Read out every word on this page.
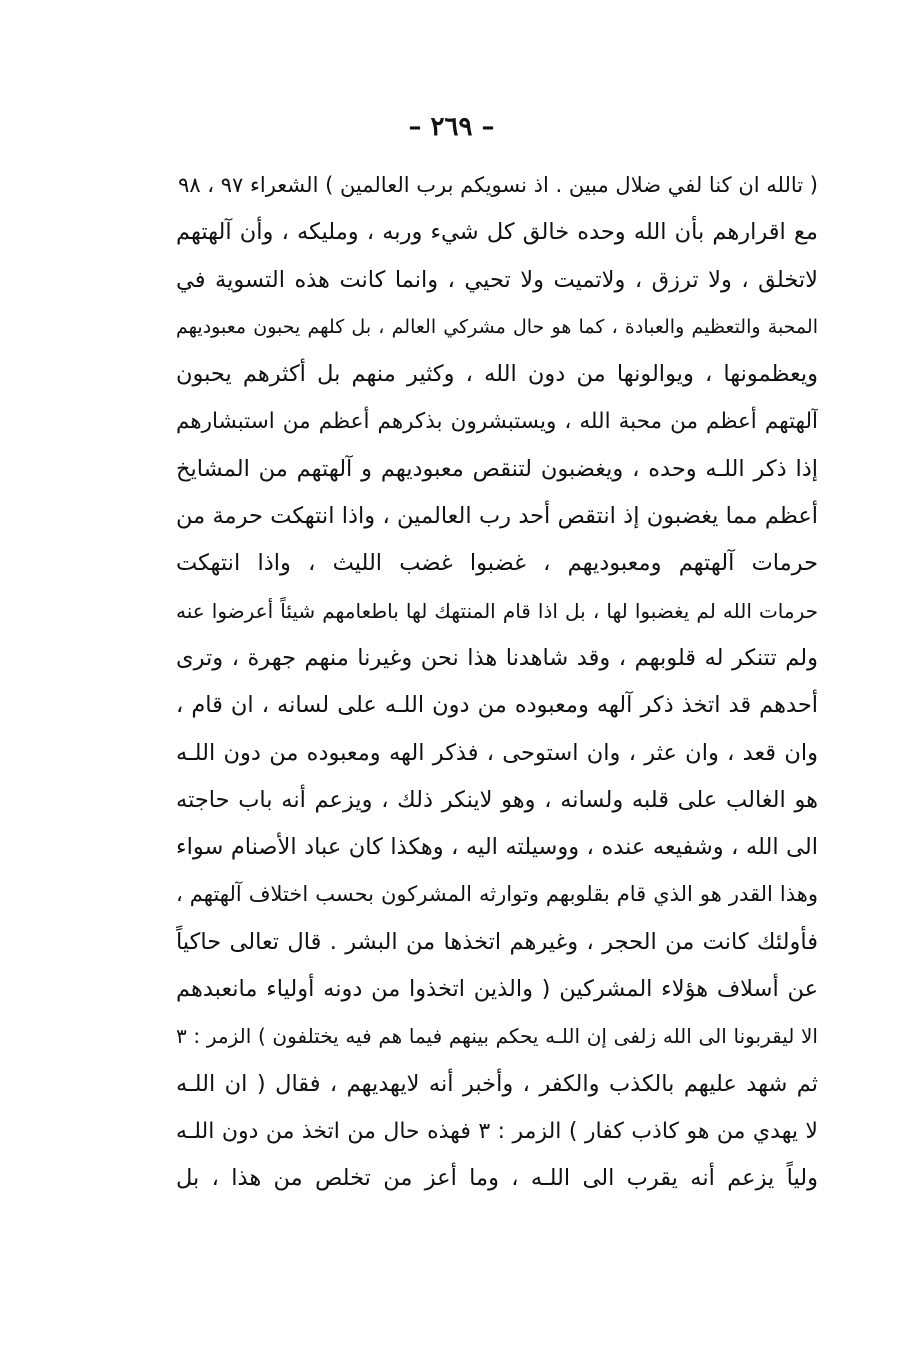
– ٢٦٩ –
( تالله ان كنا لفي ضلال مبين . اذ نسويكم برب العالمين ) الشعراء ٩٧ ، ٩٨
مع اقرارهم بأن الله وحده خالق كل شيء وربه ، ومليكه ، وأن آلهتهم
لاتخلق ، ولا ترزق ، ولاتميت ولا تحيي ، وانما كانت هذه التسوية في
المحبة والتعظيم والعبادة ، كما هو حال مشركي العالم ، بل كلهم يحبون معبوديهم
ويعظمونها ، ويوالونها من دون الله ، وكثير منهم بل أكثرهم يحبون
آلهتهم أعظم من محبة الله ، ويستبشرون بذكرهم أعظم من استبشارهم
إذا ذكر اللـه وحده ، ويغضبون لتنقص معبوديهم و آلهتهم من المشايخ
أعظم مما يغضبون إذ انتقص أحد رب العالمين ، واذا انتهكت حرمة من
حرمات آلهتهم ومعبوديهم ، غضبوا غضب الليث ، واذا انتهكت
حرمات الله لم يغضبوا لها ، بل اذا قام المنتهك لها باطعامهم شيئاً أعرضوا عنه
ولم تتنكر له قلوبهم ، وقد شاهدنا هذا نحن وغيرنا منهم جهرة ، وترى
أحدهم قد اتخذ ذكر آلهه ومعبوده من دون اللـه على لسانه ، ان قام ،
وان قعد ، وان عثر ، وان استوحى ، فذكر الهه ومعبوده من دون اللـه
هو الغالب على قلبه ولسانه ، وهو لاينكر ذلك ، ويزعم أنه باب حاجته
الى الله ، وشفيعه عنده ، ووسيلته اليه ، وهكذا كان عباد الأصنام سواء
وهذا القدر هو الذي قام بقلوبهم وتوارثه المشركون بحسب اختلاف آلهتهم ،
فأولئك كانت من الحجر ، وغيرهم اتخذها من البشر . قال تعالى حاكياً
عن أسلاف هؤلاء المشركين ( والذين اتخذوا من دونه أولياء مانعبدهم
الا ليقربونا الى الله زلفى إن اللـه يحكم بينهم فيما هم فيه يختلفون ) الزمر : ٣
ثم شهد عليهم بالكذب والكفر ، وأخبر أنه لايهديهم ، فقال ( ان اللـه
لا يهدي من هو كاذب كفار ) الزمر : ٣ فهذه حال من اتخذ من دون اللـه
ولياً يزعم أنه يقرب الى اللـه ، وما أعز من تخلص من هذا ، بل
